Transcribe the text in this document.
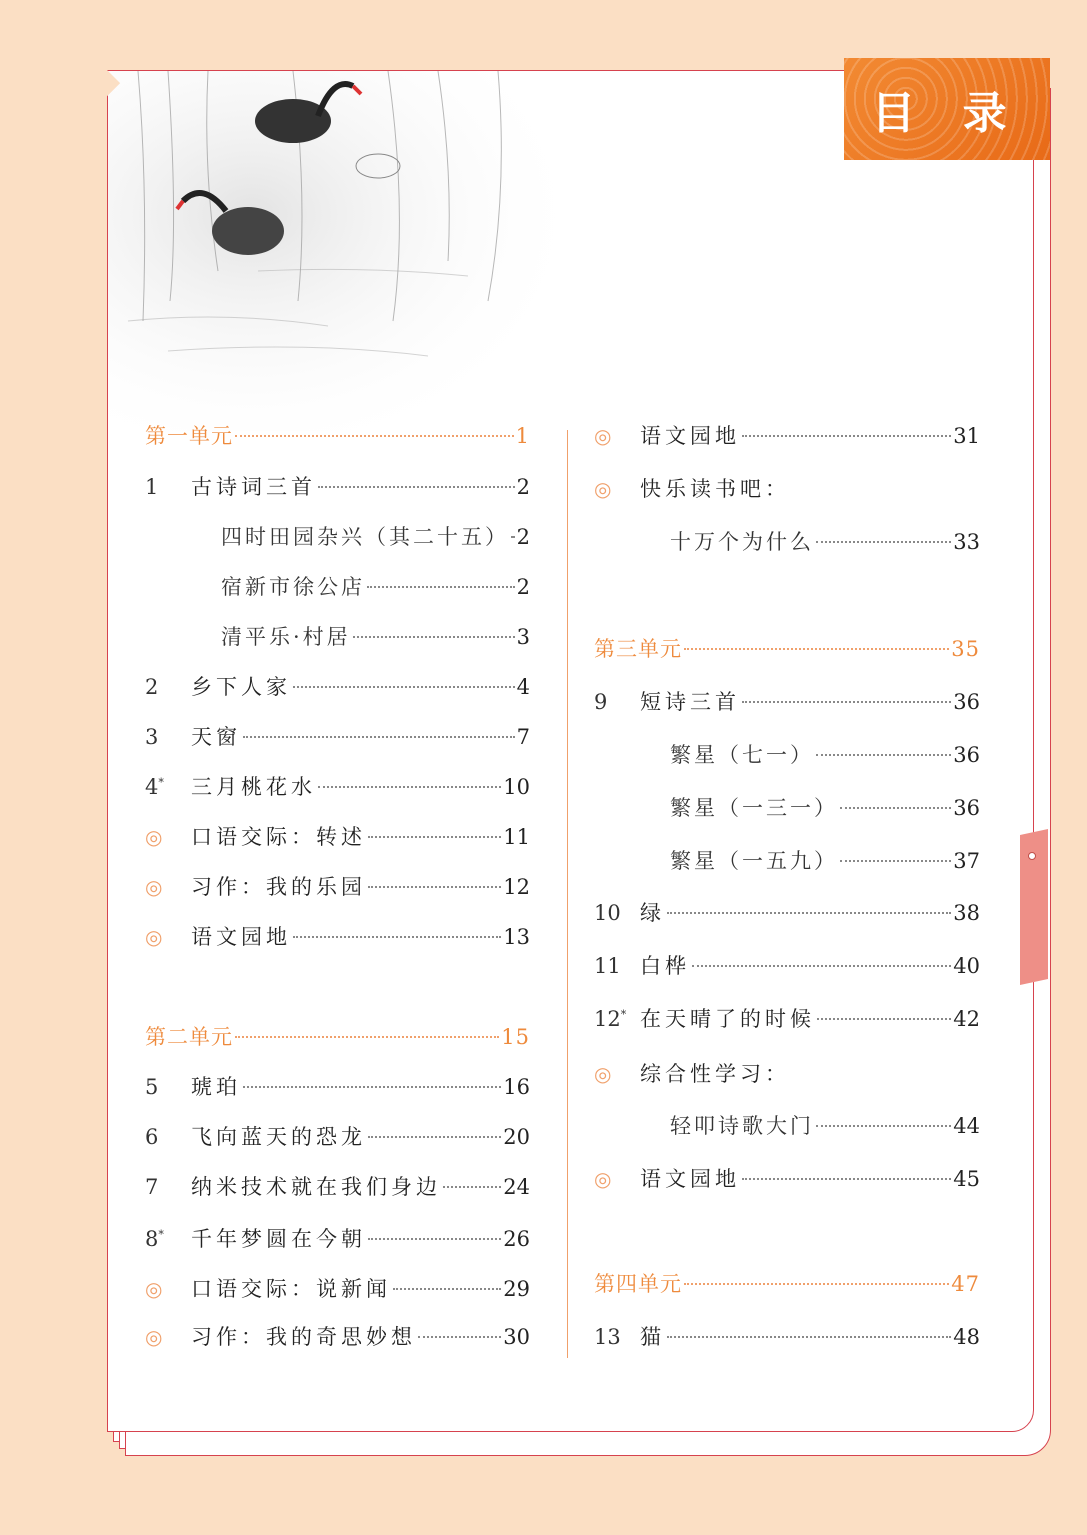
目 录
第一单元	1
1	古诗词三首	2
四时田园杂兴（其二十五） 2
宿新市徐公店	2
清平乐·村居	3
2	乡下人家	4
3	天窗	7
4*	三月桃花水	10
◎	口语交际：转述	11
◎	习作：我的乐园	12
◎	语文园地	13
第二单元	15
5	琥珀	16
6	飞向蓝天的恐龙	20
7	纳米技术就在我们身边	24
8*	千年梦圆在今朝	26
◎	口语交际：说新闻	29
◎	习作：我的奇思妙想	30
◎	语文园地	31
◎	快乐读书吧：
十万个为什么	33
第三单元	35
9	短诗三首	36
繁星（七一）	36
繁星（一三一）	36
繁星（一五九）	37
10 绿	38
11 白桦	40
12* 在天晴了的时候	42
◎	综合性学习：
轻叩诗歌大门	44
◎	语文园地	45
第四单元	47
13 猫	48
